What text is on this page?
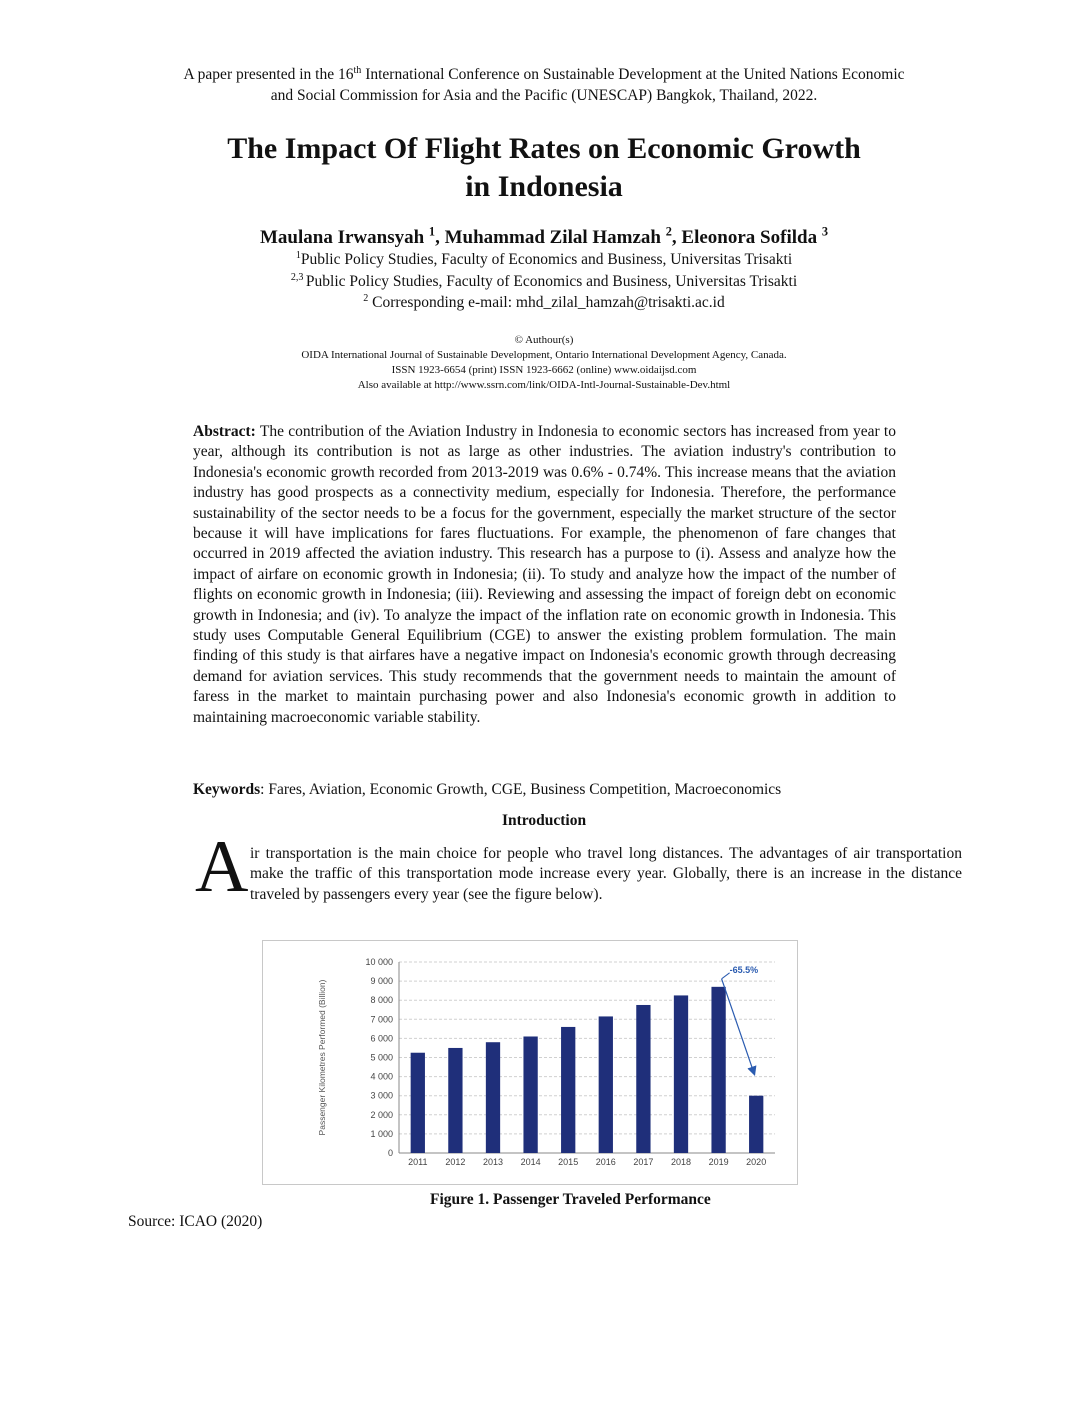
A paper presented in the 16th International Conference on Sustainable Development at the United Nations Economic
and Social Commission for Asia and the Pacific (UNESCAP) Bangkok, Thailand, 2022.
The Impact Of Flight Rates on Economic Growth
in Indonesia
Maulana Irwansyah $^1$, Muhammad Zilal Hamzah $^2$, Eleonora Sofilda $^3$
$^1$Public Policy Studies, Faculty of Economics and Business, Universitas Trisakti
$^{2,3}$ Public Policy Studies, Faculty of Economics and Business, Universitas Trisakti
$^2$ Corresponding e-mail: mhd_zilal_hamzah@trisakti.ac.id
© Authour(s)
OIDA International Journal of Sustainable Development, Ontario International Development Agency, Canada.
ISSN 1923-6654 (print) ISSN 1923-6662 (online) www.oidaijsd.com
Also available at http://www.ssrn.com/link/OIDA-Intl-Journal-Sustainable-Dev.html

Abstract: The contribution of the Aviation Industry in Indonesia to economic sectors has increased from year to year, although its contribution is not as large as other industries. The aviation industry's contribution to Indonesia's economic growth recorded from 2013-2019 was 0.6% - 0.74%. This increase means that the aviation industry has good prospects as a connectivity medium, especially for Indonesia. Therefore, the performance sustainability of the sector needs to be a focus for the government, especially the market structure of the sector because it will have implications for fares fluctuations. For example, the phenomenon of fare changes that occurred in 2019 affected the aviation industry. This research has a purpose to (i). Assess and analyze how the impact of airfare on economic growth in Indonesia; (ii). To study and analyze how the impact of the number of flights on economic growth in Indonesia; (iii). Reviewing and assessing the impact of foreign debt on economic growth in Indonesia; and (iv). To analyze the impact of the inflation rate on economic growth in Indonesia. This study uses Computable General Equilibrium (CGE) to answer the existing problem formulation. The main finding of this study is that airfares have a negative impact on Indonesia's economic growth through decreasing demand for aviation services. This study recommends that the government needs to maintain the amount of faress in the market to maintain purchasing power and also Indonesia's economic growth in addition to maintaining macroeconomic variable stability.

Keywords: Fares, Aviation, Economic Growth, CGE, Business Competition, Macroeconomics

Introduction
A ir transportation is the main choice for people who travel long distances. The advantages of air transportation make the traffic of this transportation mode increase every year. Globally, there is an increase in the distance traveled by passengers every year (see the figure below).

0
1 000
2 000
3 000
4 000
5 000
6 000
7 000
8 000
9 000
10 000
2011 2012 2013 2014 2015 2016 2017 2018 2019 2020
Passenger Kilometres Performed (Billion)
-65.5%
Figure 1. Passenger Traveled Performance
Source: ICAO (2020)
